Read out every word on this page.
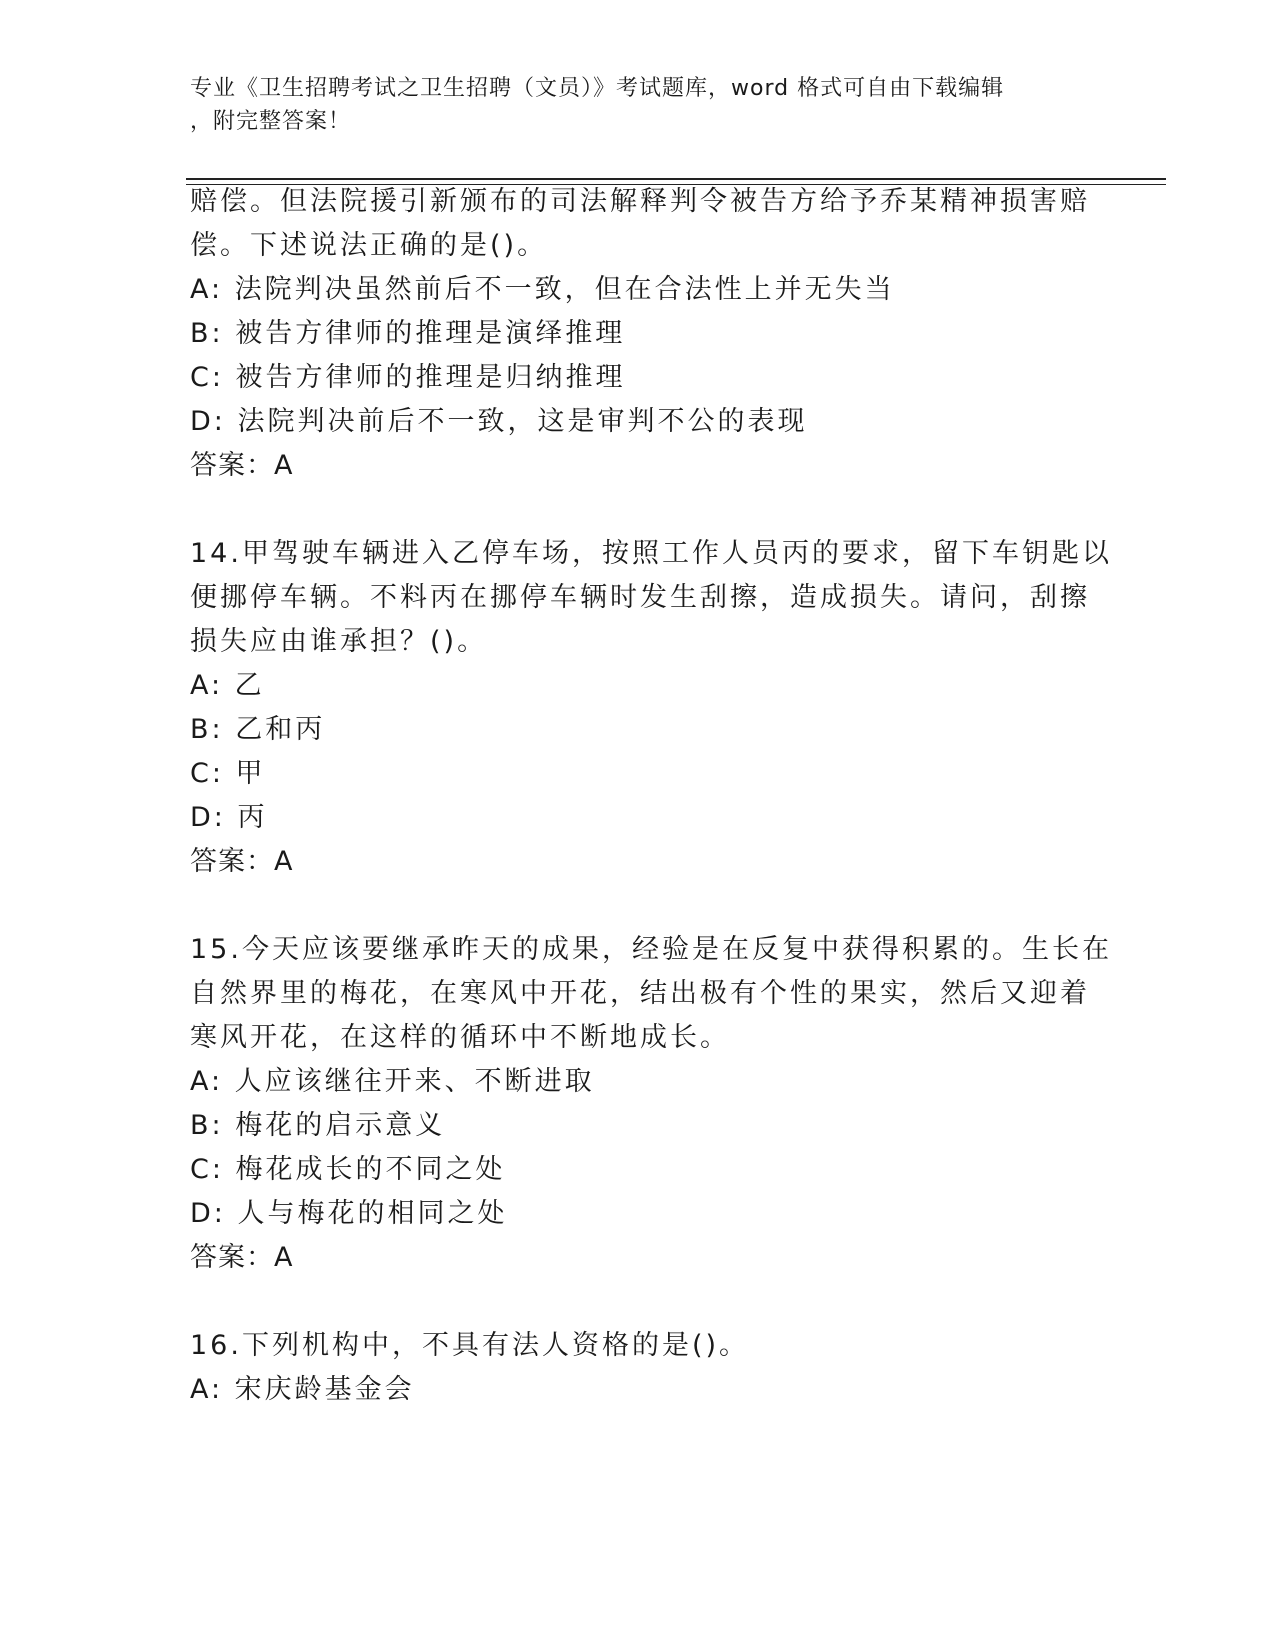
专业《卫生招聘考试之卫生招聘（文员）》考试题库，word 格式可自由下载编辑
，附完整答案！
赔偿。但法院援引新颁布的司法解释判令被告方给予乔某精神损害赔
偿。下述说法正确的是()。
A: 法院判决虽然前后不一致，但在合法性上并无失当
B: 被告方律师的推理是演绎推理
C: 被告方律师的推理是归纳推理
D: 法院判决前后不一致，这是审判不公的表现
答案：A
14.甲驾驶车辆进入乙停车场，按照工作人员丙的要求，留下车钥匙以
便挪停车辆。不料丙在挪停车辆时发生刮擦，造成损失。请问，刮擦
损失应由谁承担？()。
A: 乙
B: 乙和丙
C: 甲
D: 丙
答案：A
15.今天应该要继承昨天的成果，经验是在反复中获得积累的。生长在
自然界里的梅花，在寒风中开花，结出极有个性的果实，然后又迎着
寒风开花，在这样的循环中不断地成长。
A: 人应该继往开来、不断进取
B: 梅花的启示意义
C: 梅花成长的不同之处
D: 人与梅花的相同之处
答案：A
16.下列机构中，不具有法人资格的是()。
A: 宋庆龄基金会
